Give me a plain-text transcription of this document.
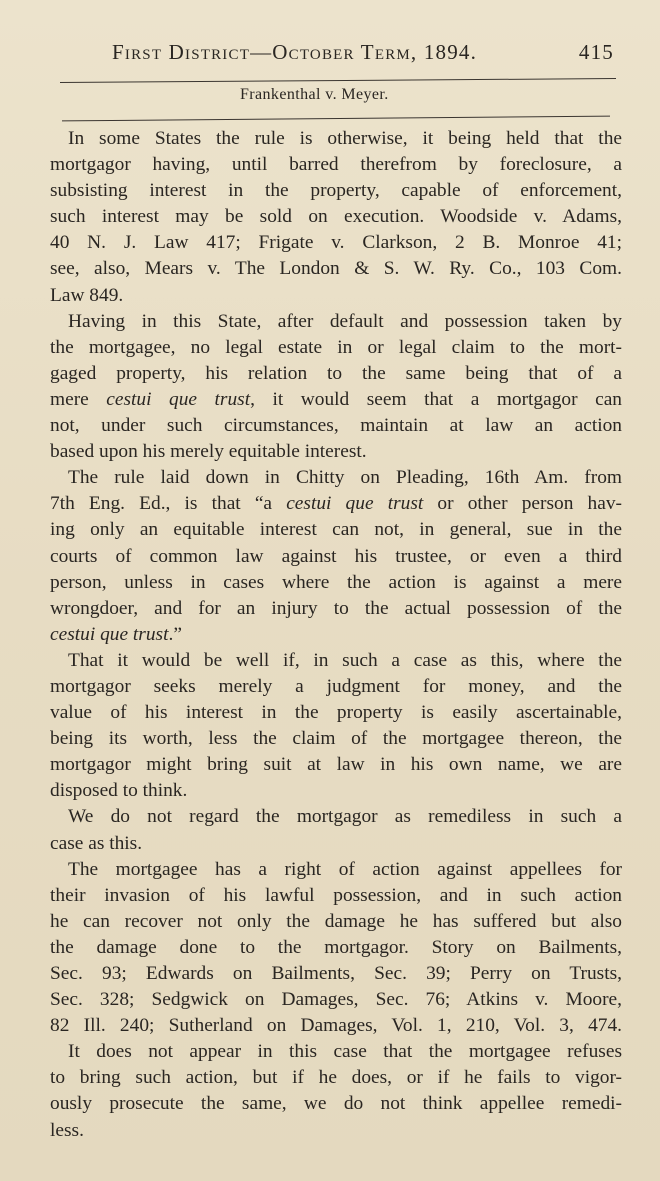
First District—October Term, 1894.	415
Frankenthal v. Meyer.
In some States the rule is otherwise, it being held that the
mortgagor having, until barred therefrom by foreclosure, a
subsisting interest in the property, capable of enforcement,
such interest may be sold on execution. Woodside v. Adams,
40 N. J. Law 417; Frigate v. Clarkson, 2 B. Monroe 41;
see, also, Mears v. The London & S. W. Ry. Co., 103 Com.
Law 849.
Having in this State, after default and possession taken by
the mortgagee, no legal estate in or legal claim to the mort-
gaged property, his relation to the same being that of a
mere cestui que trust, it would seem that a mortgagor can
not, under such circumstances, maintain at law an action
based upon his merely equitable interest.
The rule laid down in Chitty on Pleading, 16th Am. from
7th Eng. Ed., is that “a cestui que trust or other person hav-
ing only an equitable interest can not, in general, sue in the
courts of common law against his trustee, or even a third
person, unless in cases where the action is against a mere
wrongdoer, and for an injury to the actual possession of the
cestui que trust.”
That it would be well if, in such a case as this, where the
mortgagor seeks merely a judgment for money, and the
value of his interest in the property is easily ascertainable,
being its worth, less the claim of the mortgagee thereon, the
mortgagor might bring suit at law in his own name, we are
disposed to think.
We do not regard the mortgagor as remediless in such a
case as this.
The mortgagee has a right of action against appellees for
their invasion of his lawful possession, and in such action
he can recover not only the damage he has suffered but also
the damage done to the mortgagor. Story on Bailments,
Sec. 93; Edwards on Bailments, Sec. 39; Perry on Trusts,
Sec. 328; Sedgwick on Damages, Sec. 76; Atkins v. Moore,
82 Ill. 240; Sutherland on Damages, Vol. 1, 210, Vol. 3, 474.
It does not appear in this case that the mortgagee refuses
to bring such action, but if he does, or if he fails to vigor-
ously prosecute the same, we do not think appellee remedi-
less.
